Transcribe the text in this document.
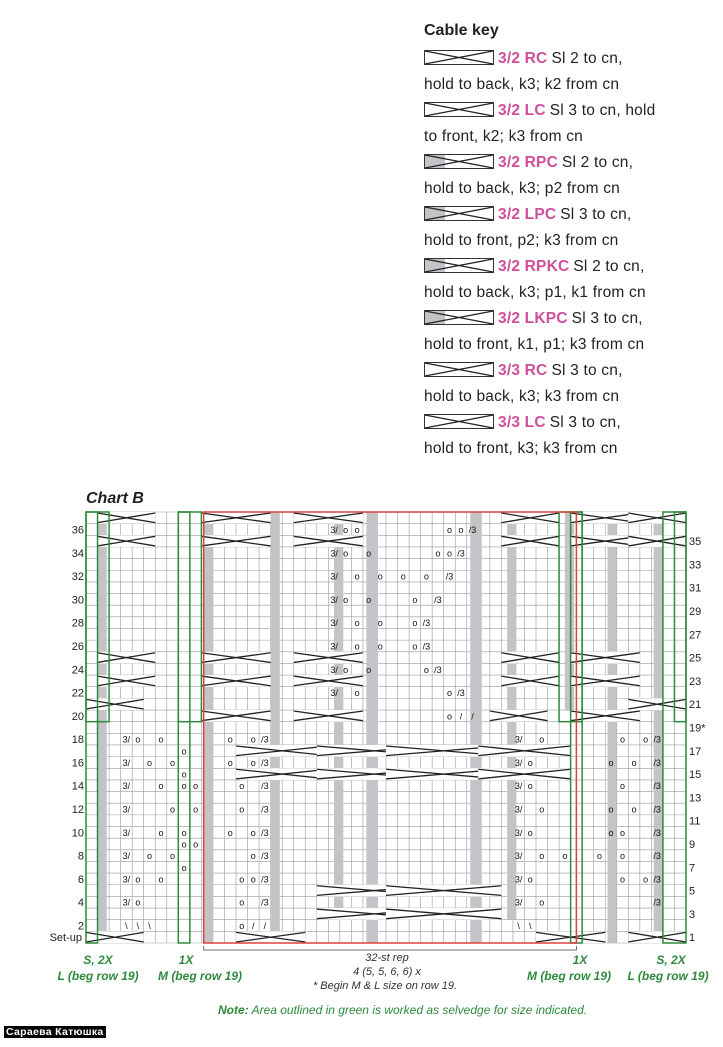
Cable key
3/2 RC Sl 2 to cn,
hold to back, k3; k2 from cn
3/2 LC Sl 3 to cn, hold
to front, k2; k3 from cn
3/2 RPC Sl 2 to cn,
hold to back, k3; p2 from cn
3/2 LPC Sl 3 to cn,
hold to front, p2; k3 from cn
3/2 RPKC Sl 2 to cn,
hold to back, k3; p1, k1 from cn
3/2 LKPC Sl 3 to cn,
hold to front, k1, p1; k3 from cn
3/3 RC Sl 3 to cn,
hold to back, k3; k3 from cn
3/3 LC Sl 3 to cn,
hold to front, k3; k3 from cn
3/ o o
3/ o o
3/	o o
3/	o o
3/	o o
3/ o o
3/ o o
3/ o
\ \ \
o
o
o
o
o
o
o	/3
o
o o /3
o /3
o /3
o o /3
o /3
o o /3
o /3
o / /
3/ o
3/ o
3/ o
3/ o
3/ o
3/ o o
3/ o
3/ o
\ \
o o /3
o o /3
o	/3
o o /3
o o	/3
o o	/3
o o /3
/3
3/ o o	o o /3
3/ o o	o o /3
3/ o o o o /3
3/ o o	o /3
3/ o o	o /3
3/ o o	o /3
3/ o o	o /3
3/ o	o /3
o / /
Chart B
Set-up
2
4
6
8
10
12
14
16
18
20
22
24
26
28
30
32
34
36
1
3
5
7
9
11
13
15
17
19*
21
23
25
27
29
31
33
35
S, 2X
L (beg row 19)
1X
M (beg row 19)
1X
M (beg row 19)
S, 2X
L (beg row 19)
32-st rep
4 (5, 5, 6, 6) x
* Begin M & L size on row 19.
Note: Area outlined in green is worked as selvedge for size indicated.
Сараева Катюшка
